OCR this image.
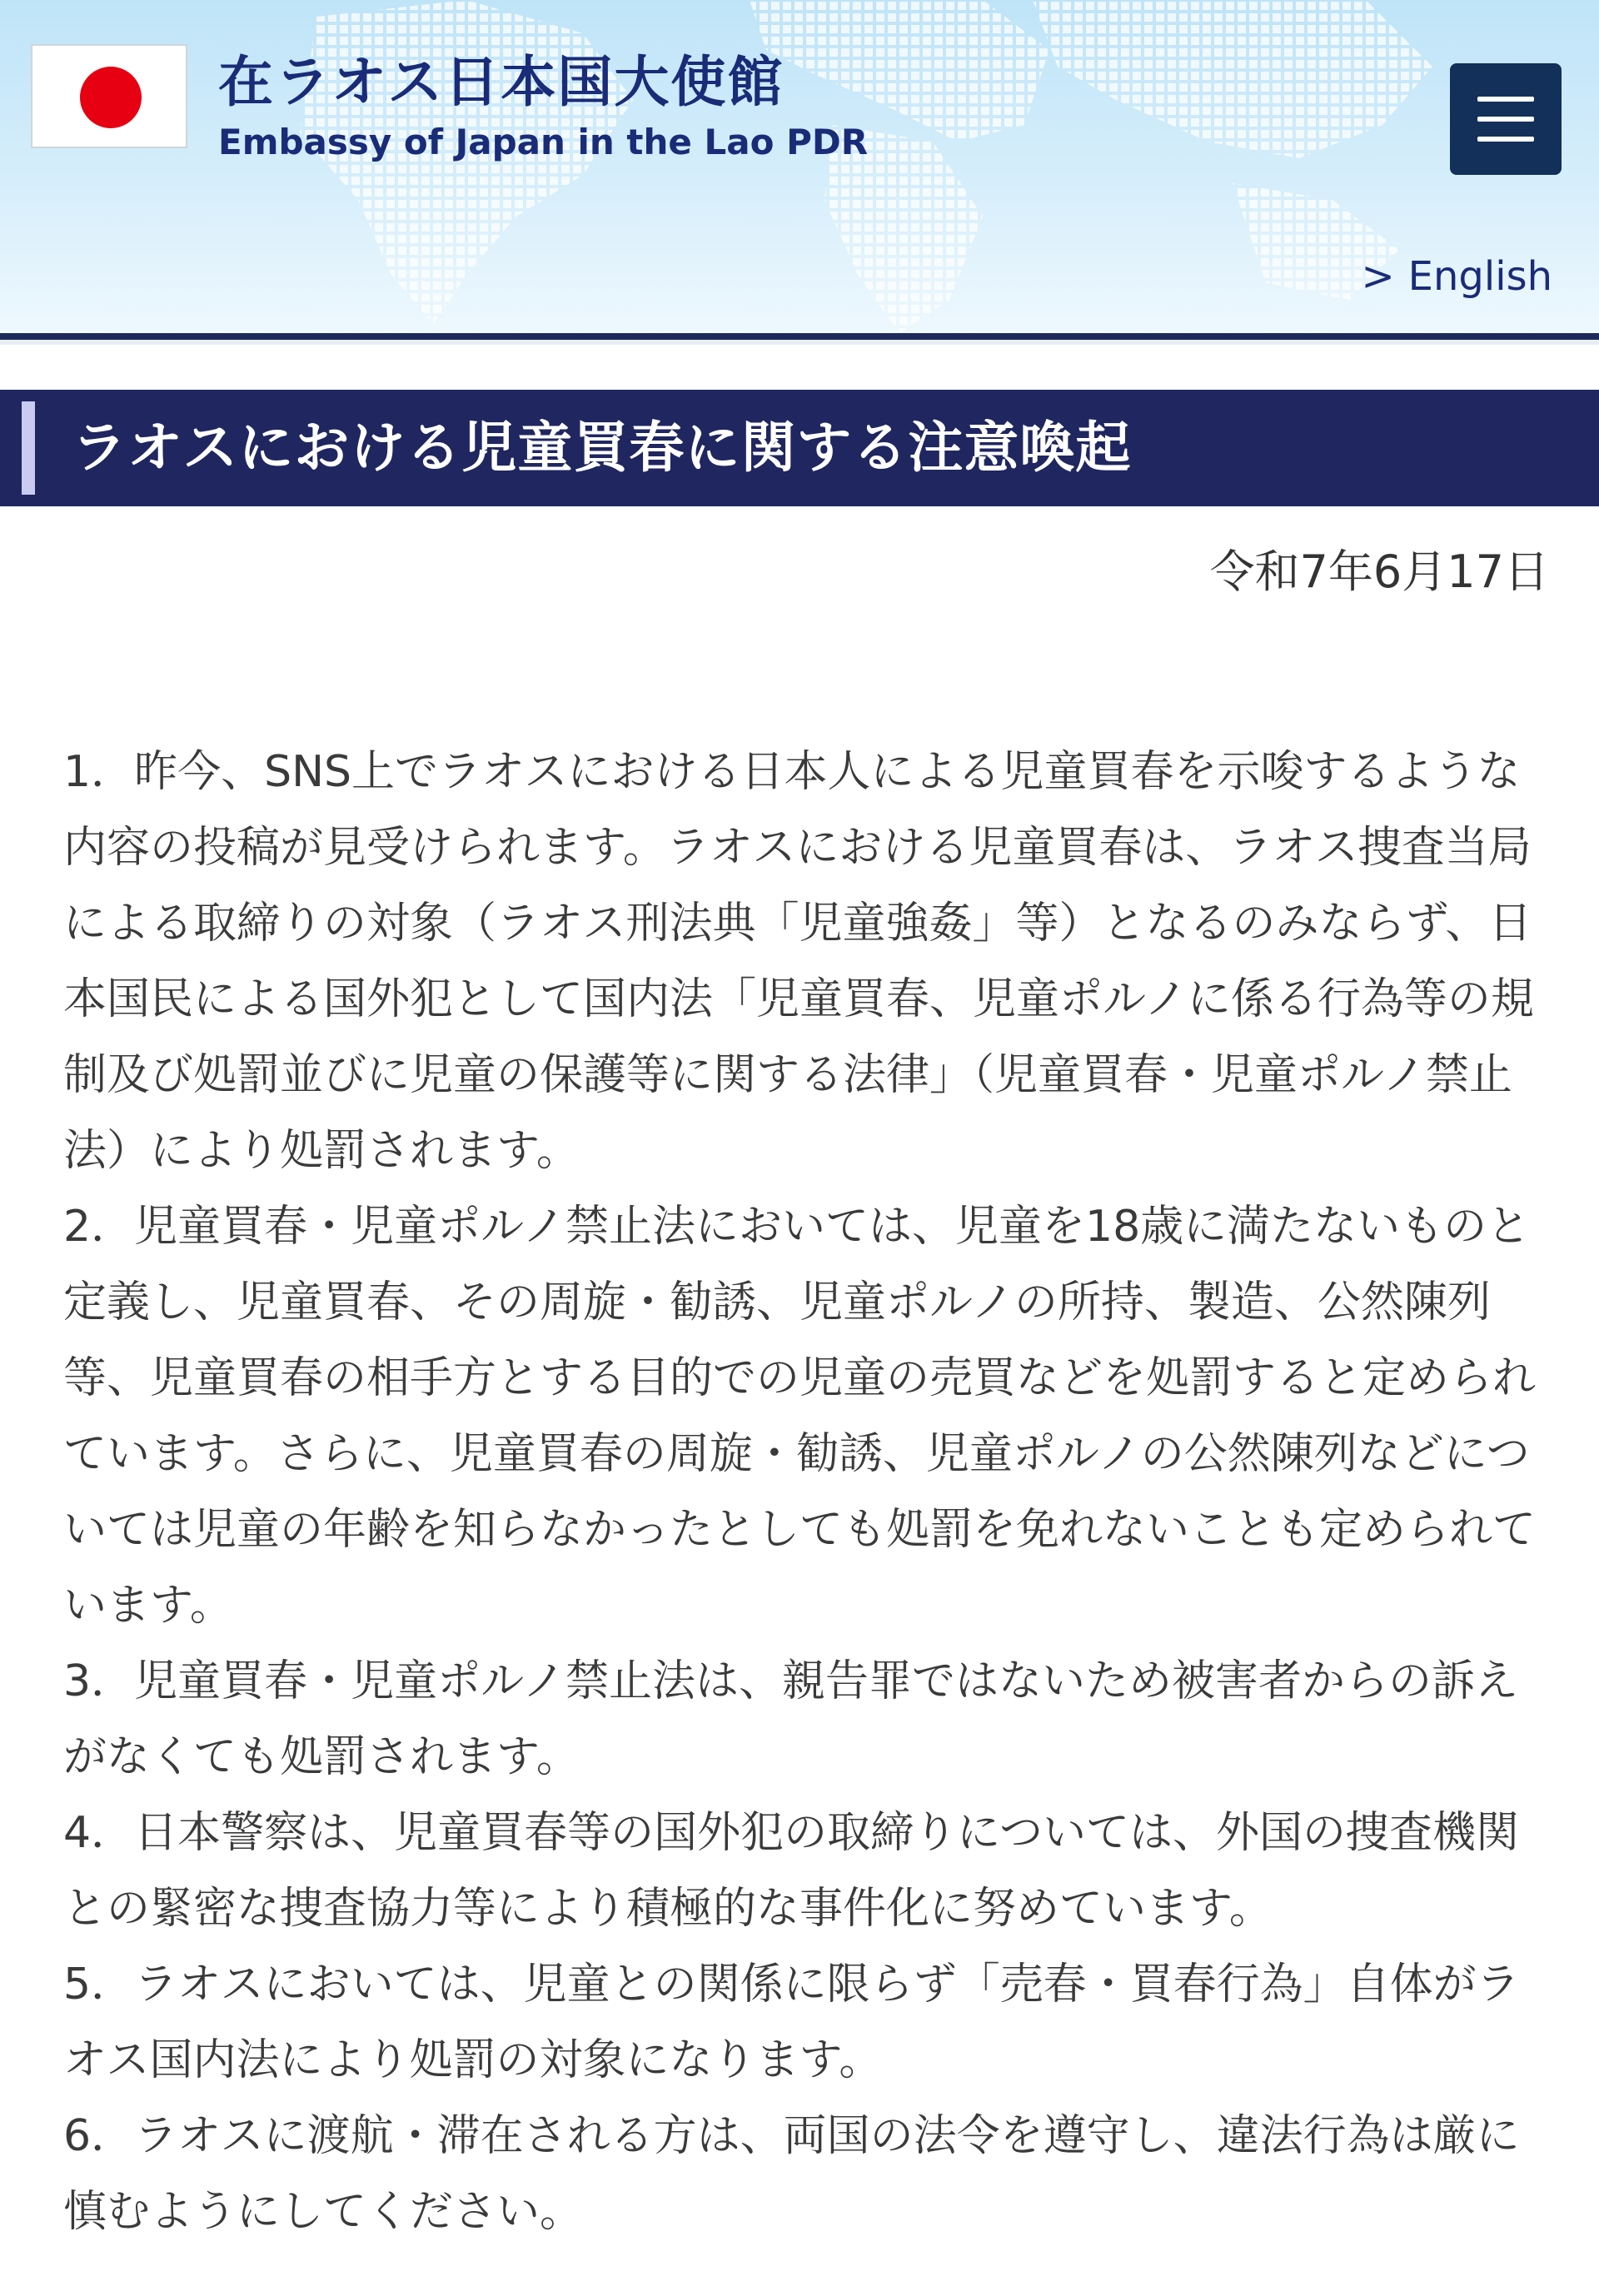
在ラオス日本国大使館
Embassy of Japan in the Lao PDR
> English
ラオスにおける児童買春に関する注意喚起
令和7年6月17日

1．昨今、SNS上でラオスにおける日本人による児童買春を示唆するような内容の投稿が見受けられます。ラオスにおける児童買春は、ラオス捜査当局による取締りの対象（ラオス刑法典「児童強姦」等）となるのみならず、日本国民による国外犯として国内法「児童買春、児童ポルノに係る行為等の規制及び処罰並びに児童の保護等に関する法律」（児童買春・児童ポルノ禁止法）により処罰されます。

2．児童買春・児童ポルノ禁止法においては、児童を18歳に満たないものと定義し、児童買春、その周旋・勧誘、児童ポルノの所持、製造、公然陳列等、児童買春の相手方とする目的での児童の売買などを処罰すると定められています。さらに、児童買春の周旋・勧誘、児童ポルノの公然陳列などについては児童の年齢を知らなかったとしても処罰を免れないことも定められています。

3．児童買春・児童ポルノ禁止法は、親告罪ではないため被害者からの訴えがなくても処罰されます。

4．日本警察は、児童買春等の国外犯の取締りについては、外国の捜査機関との緊密な捜査協力等により積極的な事件化に努めています。

5．ラオスにおいては、児童との関係に限らず「売春・買春行為」自体がラオス国内法により処罰の対象になります。

6．ラオスに渡航・滞在される方は、両国の法令を遵守し、違法行為は厳に慎むようにしてください。
